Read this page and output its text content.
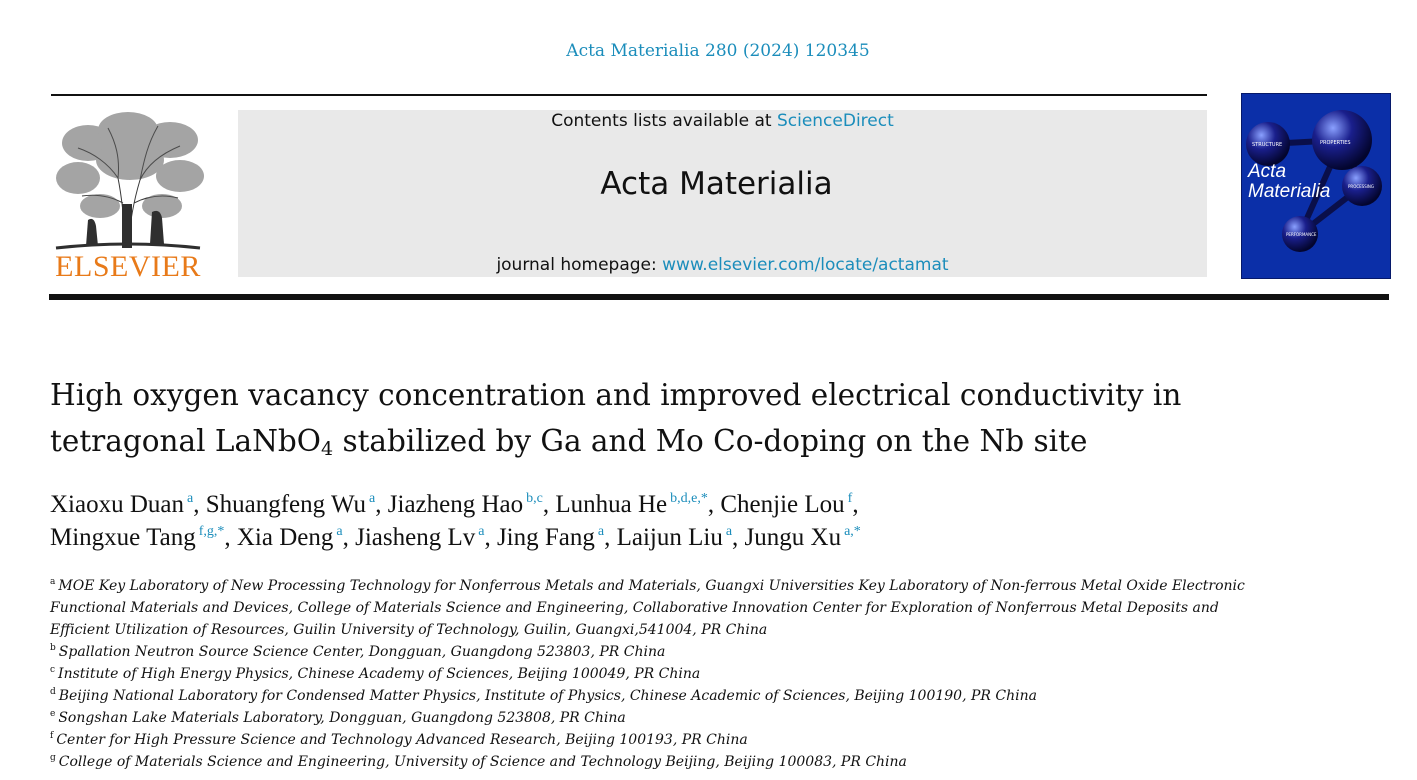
Acta Materialia 280 (2024) 120345
ELSEVIER
Contents lists available at ScienceDirect
Acta Materialia
journal homepage: www.elsevier.com/locate/actamat
STRUCTURE	PROPERTIES
PROCESSING
PERFORMANCE
Acta
Materialia
High oxygen vacancy concentration and improved electrical conductivity in
tetragonal LaNbO$_4$ stabilized by Ga and Mo Co-doping on the Nb site
Xiaoxu Duan $^a$, Shuangfeng Wu $^a$, Jiazheng Hao $^{b,c}$, Lunhua He $^{b,d,e,*}$, Chenjie Lou $^f$,
Mingxue Tang $^{f,g,*}$, Xia Deng $^a$, Jiasheng Lv $^a$, Jing Fang $^a$, Laijun Liu $^a$, Jungu Xu $^{a,*}$
$^a$ MOE Key Laboratory of New Processing Technology for Nonferrous Metals and Materials, Guangxi Universities Key Laboratory of Non-ferrous Metal Oxide Electronic
Functional Materials and Devices, College of Materials Science and Engineering, Collaborative Innovation Center for Exploration of Nonferrous Metal Deposits and
Efficient Utilization of Resources, Guilin University of Technology, Guilin, Guangxi,541004, PR China
$^b$ Spallation Neutron Source Science Center, Dongguan, Guangdong 523803, PR China
$^c$ Institute of High Energy Physics, Chinese Academy of Sciences, Beijing 100049, PR China
$^d$ Beijing National Laboratory for Condensed Matter Physics, Institute of Physics, Chinese Academic of Sciences, Beijing 100190, PR China
$^e$ Songshan Lake Materials Laboratory, Dongguan, Guangdong 523808, PR China
$^f$ Center for High Pressure Science and Technology Advanced Research, Beijing 100193, PR China
$^g$ College of Materials Science and Engineering, University of Science and Technology Beijing, Beijing 100083, PR China
